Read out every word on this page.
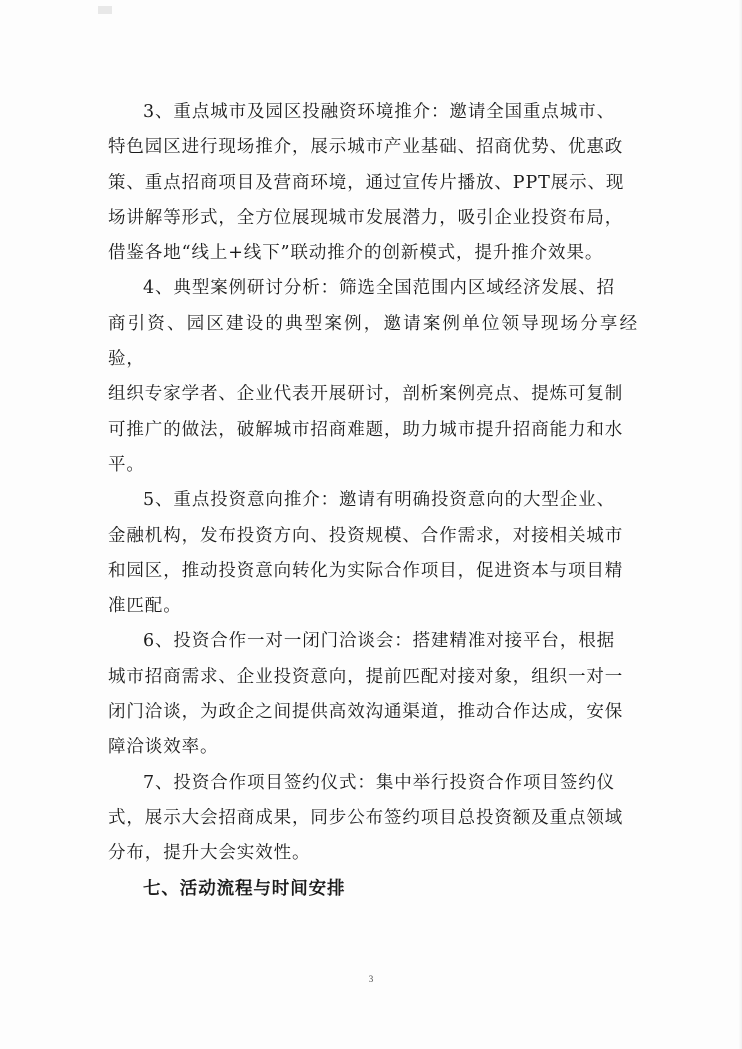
3、重点城市及园区投融资环境推介：邀请全国重点城市、
特色园区进行现场推介，展示城市产业基础、招商优势、优惠政
策、重点招商项目及营商环境，通过宣传片播放、PPT展示、现
场讲解等形式，全方位展现城市发展潜力，吸引企业投资布局，
借鉴各地“线上+线下”联动推介的创新模式，提升推介效果。

4、典型案例研讨分析：筛选全国范围内区域经济发展、招
商引资、园区建设的典型案例，邀请案例单位领导现场分享经验，
组织专家学者、企业代表开展研讨，剖析案例亮点、提炼可复制
可推广的做法，破解城市招商难题，助力城市提升招商能力和水
平。

5、重点投资意向推介：邀请有明确投资意向的大型企业、
金融机构，发布投资方向、投资规模、合作需求，对接相关城市
和园区，推动投资意向转化为实际合作项目，促进资本与项目精
准匹配。

6、投资合作一对一闭门洽谈会：搭建精准对接平台，根据
城市招商需求、企业投资意向，提前匹配对接对象，组织一对一
闭门洽谈，为政企之间提供高效沟通渠道，推动合作达成，安保
障洽谈效率。

7、投资合作项目签约仪式：集中举行投资合作项目签约仪
式，展示大会招商成果，同步公布签约项目总投资额及重点领域
分布，提升大会实效性。

七、活动流程与时间安排

3
